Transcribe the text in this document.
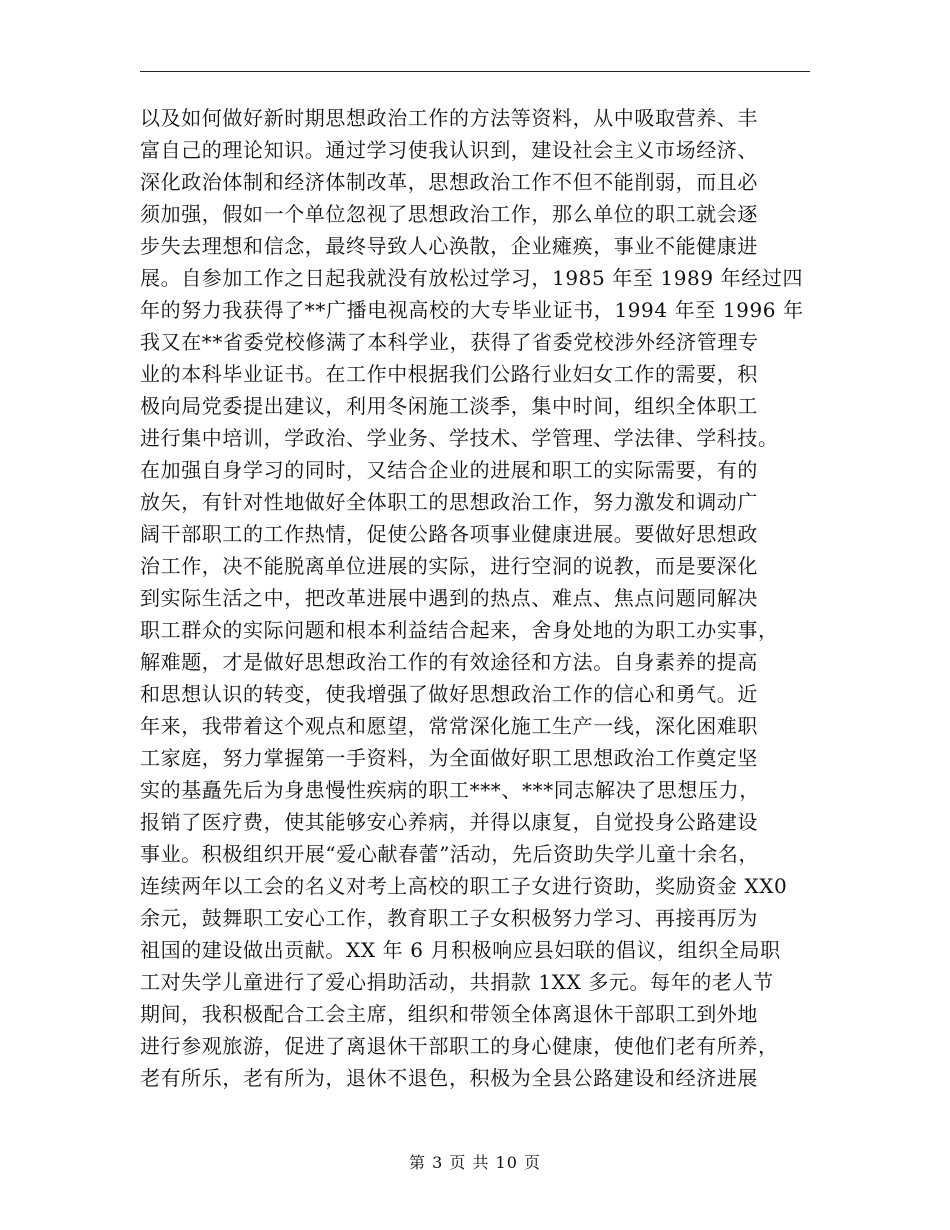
以及如何做好新时期思想政治工作的方法等资料，从中吸取营养、丰
富自己的理论知识。通过学习使我认识到，建设社会主义市场经济、
深化政治体制和经济体制改革，思想政治工作不但不能削弱，而且必
须加强，假如一个单位忽视了思想政治工作，那么单位的职工就会逐
步失去理想和信念，最终导致人心涣散，企业瘫痪，事业不能健康进
展。自参加工作之日起我就没有放松过学习，1985 年至 1989 年经过四
年的努力我获得了**广播电视高校的大专毕业证书，1994 年至 1996 年
我又在**省委党校修满了本科学业，获得了省委党校涉外经济管理专
业的本科毕业证书。在工作中根据我们公路行业妇女工作的需要，积
极向局党委提出建议，利用冬闲施工淡季，集中时间，组织全体职工
进行集中培训，学政治、学业务、学技术、学管理、学法律、学科技。
在加强自身学习的同时，又结合企业的进展和职工的实际需要，有的
放矢，有针对性地做好全体职工的思想政治工作，努力激发和调动广
阔干部职工的工作热情，促使公路各项事业健康进展。要做好思想政
治工作，决不能脱离单位进展的实际，进行空洞的说教，而是要深化
到实际生活之中，把改革进展中遇到的热点、难点、焦点问题同解决
职工群众的实际问题和根本利益结合起来，舍身处地的为职工办实事，
解难题，才是做好思想政治工作的有效途径和方法。自身素养的提高
和思想认识的转变，使我增强了做好思想政治工作的信心和勇气。近
年来，我带着这个观点和愿望，常常深化施工生产一线，深化困难职
工家庭，努力掌握第一手资料，为全面做好职工思想政治工作奠定坚
实的基矗先后为身患慢性疾病的职工***、***同志解决了思想压力，
报销了医疗费，使其能够安心养病，并得以康复，自觉投身公路建设
事业。积极组织开展“爱心献春蕾”活动，先后资助失学儿童十余名，
连续两年以工会的名义对考上高校的职工子女进行资助，奖励资金 XX0
余元，鼓舞职工安心工作，教育职工子女积极努力学习、再接再厉为
祖国的建设做出贡献。XX 年 6 月积极响应县妇联的倡议，组织全局职
工对失学儿童进行了爱心捐助活动，共捐款 1XX 多元。每年的老人节
期间，我积极配合工会主席，组织和带领全体离退休干部职工到外地
进行参观旅游，促进了离退休干部职工的身心健康，使他们老有所养，
老有所乐，老有所为，退休不退色，积极为全县公路建设和经济进展
第 3 页 共 10 页
